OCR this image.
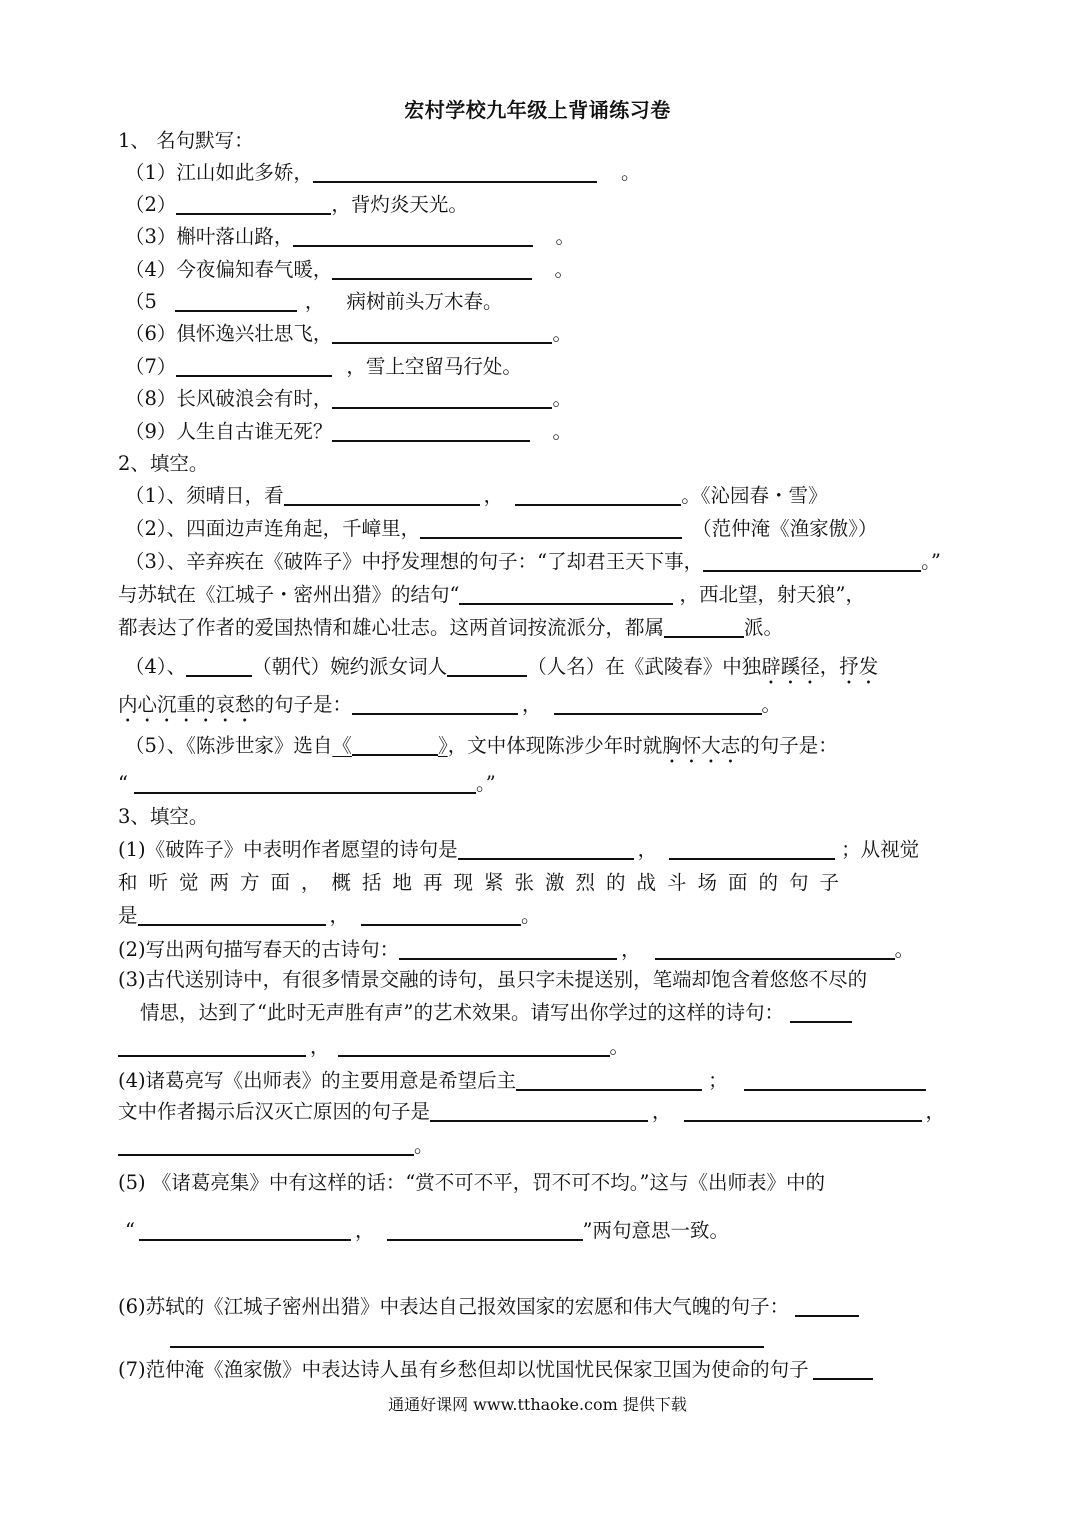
宏村学校九年级上背诵练习卷
1、 名句默写：
（1）江山如此多娇，	。
（2）	，背灼炎天光。
（3）槲叶落山路，	。
（4）今夜偏知春气暖，	。
（5	， 病树前头万木春。
（6）俱怀逸兴壮思飞，	。
（7）	，雪上空留马行处。
（8）长风破浪会有时，	。
（9）人生自古谁无死？	。
2、填空。
（1）、须晴日，看	，	。《沁园春・雪》
（2）、四面边声连角起，千嶂里，	（范仲淹《渔家傲》）
（3）、辛弃疾在《破阵子》中抒发理想的句子：“了却君王天下事，	。”
与苏轼在《江城子・密州出猎》的结句“	，西北望，射天狼”，
都表达了作者的爱国热情和雄心壮志。这两首词按流派分，都属	派。
（4）、	（朝代）婉约派女词人	（人名）在《武陵春》中独辟蹊径，抒发
内心沉重的哀愁的句子是：	，	。
（5）、《陈涉世家》选自《	》，文中体现陈涉少年时就胸怀大志的句子是：
“	。”
3、填空。
(1)《破阵子》中表明作者愿望的诗句是	，	；从视觉
和听觉两方面，概括地再现紧张激烈的战斗场面的句子
是	，	。
(2)写出两句描写春天的古诗句：	，	。
(3)古代送别诗中，有很多情景交融的诗句，虽只字未提送别，笔端却饱含着悠悠不尽的
情思，达到了“此时无声胜有声”的艺术效果。请写出你学过的这样的诗句：
，	。
(4)诸葛亮写《出师表》的主要用意是希望后主	；
文中作者揭示后汉灭亡原因的句子是	，	，
。
(5) 《诸葛亮集》中有这样的话：“赏不可不平，罚不可不均。”这与《出师表》中的
“	，	”两句意思一致。
(6)苏轼的《江城子密州出猎》中表达自己报效国家的宏愿和伟大气魄的句子：
(7)范仲淹《渔家傲》中表达诗人虽有乡愁但却以忧国忧民保家卫国为使命的句子
通通好课网 www.tthaoke.com 提供下载
